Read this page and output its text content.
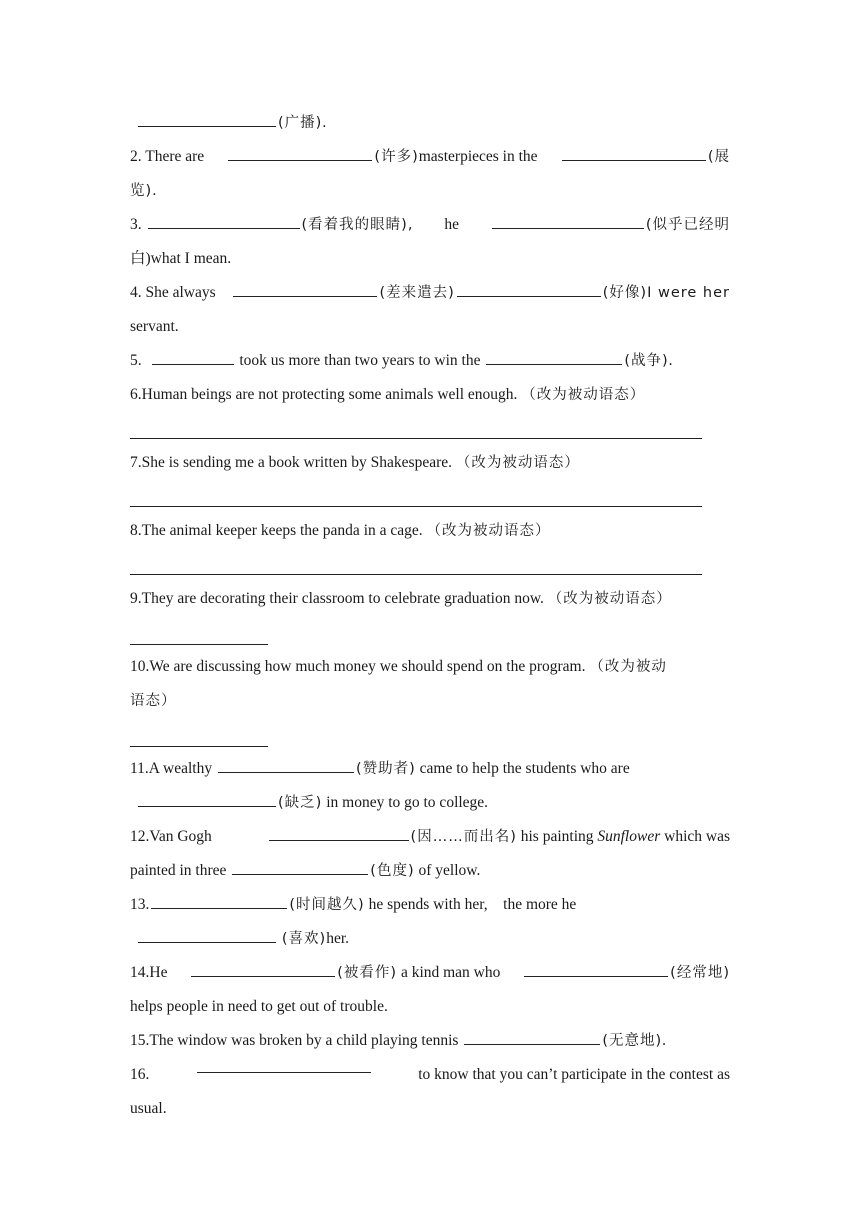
(广播).
2. There are	(许多)masterpieces in the	(展
览).
3.	(看着我的眼睛), he	(似乎已经明
白)what I mean.
4. She always	(差来遣去)	(好像)I were her
servant.
5.	took us more than two years to win the	(战争).
6.Human beings are not protecting some animals well enough. （改为被动语态）
7.She is sending me a book written by Shakespeare. （改为被动语态）
8.The animal keeper keeps the panda in a cage. （改为被动语态）
9.They are decorating their classroom to celebrate graduation now. （改为被动语态）
10.We are discussing how much money we should spend on the program. （改为被动
语态）
11.A wealthy	(赞助者) came to help the students who are
(缺乏) in money to go to college.
12.Van Gogh	(因……而出名) his painting Sunflower which was
painted in three	(色度) of yellow.
13.	(时间越久) he spends with her, the more he
(喜欢)her.
14.He	(被看作) a kind man who	(经常地)
helps people in need to get out of trouble.
15.The window was broken by a child playing tennis	(无意地).
16.	to know that you can’t participate in the contest as
usual.
